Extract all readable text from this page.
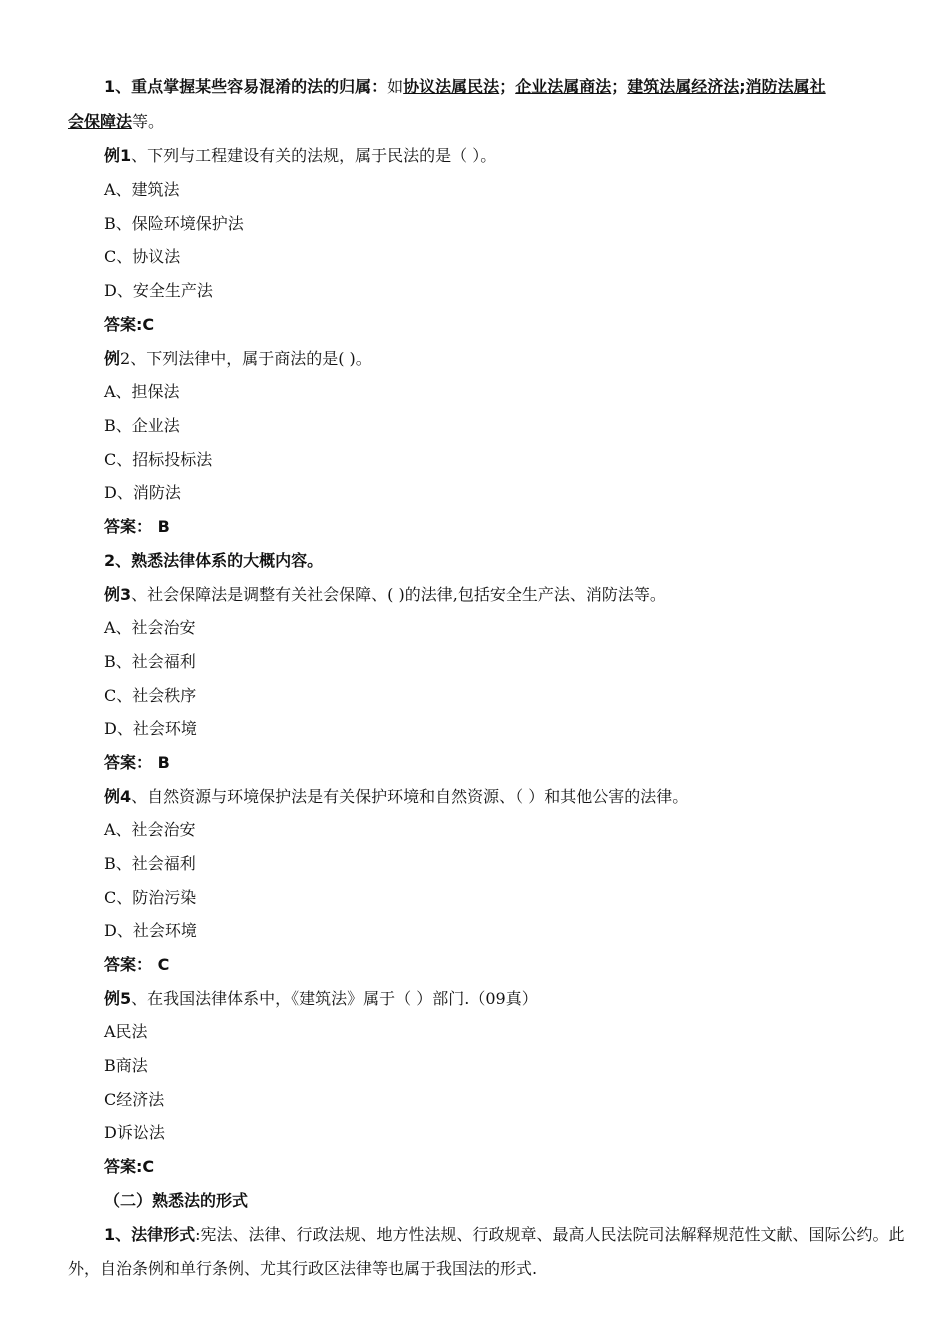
1、重点掌握某些容易混淆的法的归属：如协议法属民法；企业法属商法；建筑法属经济法;消防法属社
会保障法等。
例1、下列与工程建设有关的法规，属于民法的是（ ）。
A、建筑法
B、保险环境保护法
C、协议法
D、安全生产法
答案:C
例2、下列法律中，属于商法的是( )。
A、担保法
B、企业法
C、招标投标法
D、消防法
答案： B
2、熟悉法律体系的大概内容。
例3、社会保障法是调整有关社会保障、( )的法律,包括安全生产法、消防法等。
A、社会治安
B、社会福利
C、社会秩序
D、社会环境
答案： B
例4、自然资源与环境保护法是有关保护环境和自然资源、（ ）和其他公害的法律。
A、社会治安
B、社会福利
C、防治污染
D、社会环境
答案： C
例5、在我国法律体系中，《建筑法》属于（ ）部门.（09真）
A民法
B商法
C经济法
D诉讼法
答案:C
（二）熟悉法的形式
1、法律形式:宪法、法律、行政法规、地方性法规、行政规章、最高人民法院司法解释规范性文献、国际公约。此外，自治条例和单行条例、尤其行政区法律等也属于我国法的形式.
